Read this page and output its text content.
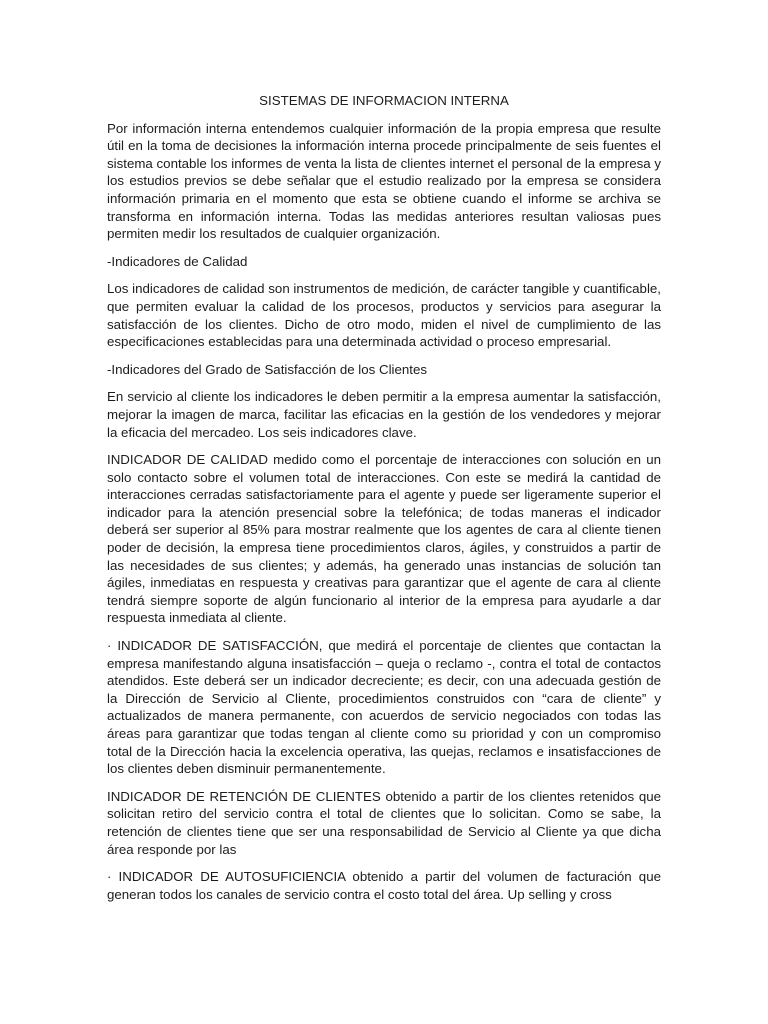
SISTEMAS DE INFORMACION INTERNA

Por información interna entendemos cualquier información de la propia empresa que resulte útil en la toma de decisiones la información interna procede principalmente de seis fuentes el sistema contable los informes de venta la lista de clientes internet el personal de la empresa y los estudios previos se debe señalar que el estudio realizado por la empresa se considera información primaria en el momento que esta se obtiene cuando el informe se archiva se transforma en información interna. Todas las medidas anteriores resultan valiosas pues permiten medir los resultados de cualquier organización.

-Indicadores de Calidad

Los indicadores de calidad son instrumentos de medición, de carácter tangible y cuantificable, que permiten evaluar la calidad de los procesos, productos y servicios para asegurar la satisfacción de los clientes. Dicho de otro modo, miden el nivel de cumplimiento de las especificaciones establecidas para una determinada actividad o proceso empresarial.

-Indicadores del Grado de Satisfacción de los Clientes

En servicio al cliente los indicadores le deben permitir a la empresa aumentar la satisfacción, mejorar la imagen de marca, facilitar las eficacias en la gestión de los vendedores y mejorar la eficacia del mercadeo. Los seis indicadores clave.

INDICADOR DE CALIDAD medido como el porcentaje de interacciones con solución en un solo contacto sobre el volumen total de interacciones. Con este se medirá la cantidad de interacciones cerradas satisfactoriamente para el agente y puede ser ligeramente superior el indicador para la atención presencial sobre la telefónica; de todas maneras el indicador deberá ser superior al 85% para mostrar realmente que los agentes de cara al cliente tienen poder de decisión, la empresa tiene procedimientos claros, ágiles, y construidos a partir de las necesidades de sus clientes; y además, ha generado unas instancias de solución tan ágiles, inmediatas en respuesta y creativas para garantizar que el agente de cara al cliente tendrá siempre soporte de algún funcionario al interior de la empresa para ayudarle a dar respuesta inmediata al cliente.

· INDICADOR DE SATISFACCIÓN, que medirá el porcentaje de clientes que contactan la empresa manifestando alguna insatisfacción – queja o reclamo -, contra el total de contactos atendidos. Este deberá ser un indicador decreciente; es decir, con una adecuada gestión de la Dirección de Servicio al Cliente, procedimientos construidos con “cara de cliente” y actualizados de manera permanente, con acuerdos de servicio negociados con todas las áreas para garantizar que todas tengan al cliente como su prioridad y con un compromiso total de la Dirección hacia la excelencia operativa, las quejas, reclamos e insatisfacciones de los clientes deben disminuir permanentemente.

INDICADOR DE RETENCIÓN DE CLIENTES obtenido a partir de los clientes retenidos que solicitan retiro del servicio contra el total de clientes que lo solicitan. Como se sabe, la retención de clientes tiene que ser una responsabilidad de Servicio al Cliente ya que dicha área responde por las

· INDICADOR DE AUTOSUFICIENCIA obtenido a partir del volumen de facturación que generan todos los canales de servicio contra el costo total del área. Up selling y cross
